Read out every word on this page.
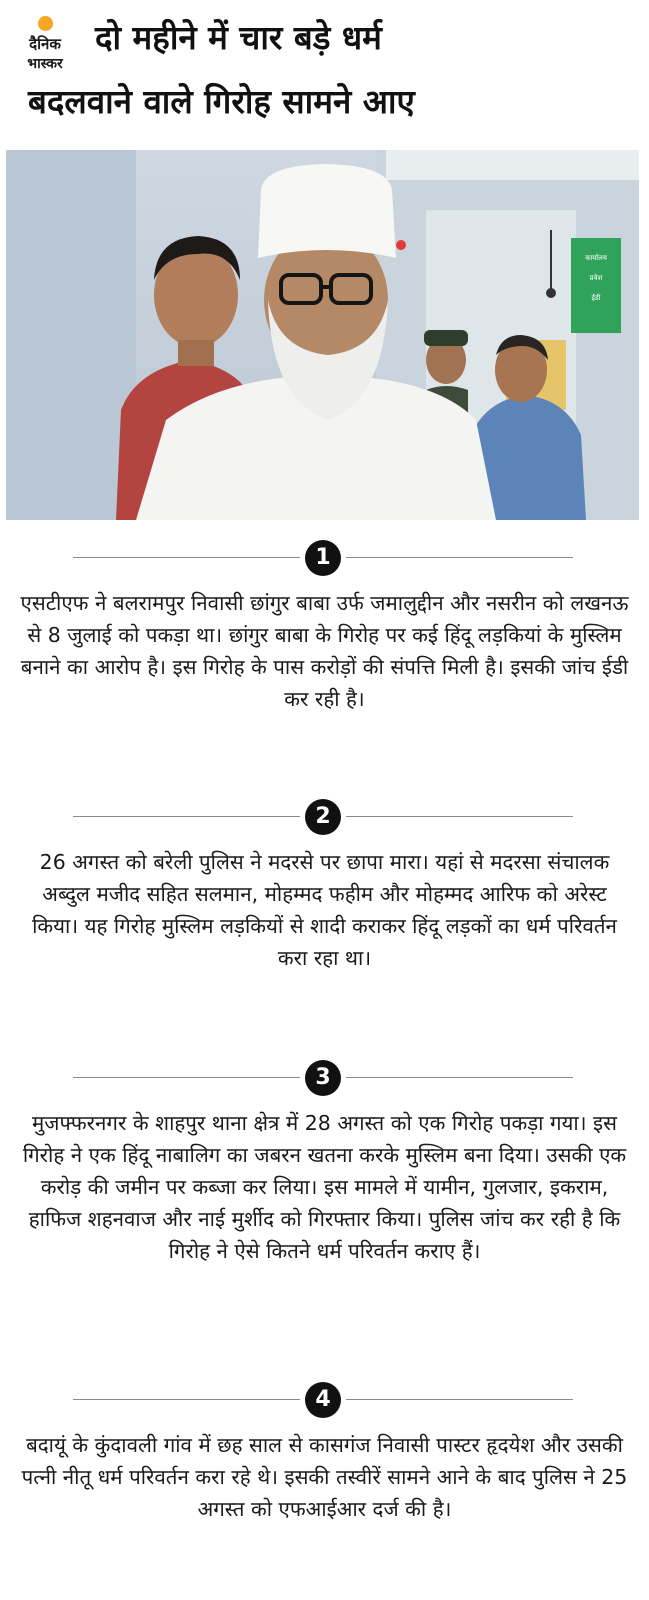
दैनिक
भास्कर
दो महीने में चार बड़े धर्म
बदलवाने वाले गिरोह सामने आए
कार्यालय
प्रवेश
ईडी
1

एसटीएफ ने बलरामपुर निवासी छांगुर बाबा उर्फ जमालुद्दीन और नसरीन को लखनऊ से 8 जुलाई को पकड़ा था। छांगुर बाबा के गिरोह पर कई हिंदू लड़कियां के मुस्लिम बनाने का आरोप है। इस गिरोह के पास करोड़ों की संपत्ति मिली है। इसकी जांच ईडी कर रही है।

2

26 अगस्त को बरेली पुलिस ने मदरसे पर छापा मारा। यहां से मदरसा संचालक अब्दुल मजीद सहित सलमान, मोहम्मद फहीम और मोहम्मद आरिफ को अरेस्ट किया। यह गिरोह मुस्लिम लड़कियों से शादी कराकर हिंदू लड़कों का धर्म परिवर्तन करा रहा था।

3

मुजफ्फरनगर के शाहपुर थाना क्षेत्र में 28 अगस्त को एक गिरोह पकड़ा गया। इस गिरोह ने एक हिंदू नाबालिग का जबरन खतना करके मुस्लिम बना दिया। उसकी एक करोड़ की जमीन पर कब्जा कर लिया। इस मामले में यामीन, गुलजार, इकराम, हाफिज शहनवाज और नाई मुर्शीद को गिरफ्तार किया। पुलिस जांच कर रही है कि गिरोह ने ऐसे कितने धर्म परिवर्तन कराए हैं।

4

बदायूं के कुंदावली गांव में छह साल से कासगंज निवासी पास्टर हृदयेश और उसकी पत्नी नीतू धर्म परिवर्तन करा रहे थे। इसकी तस्वीरें सामने आने के बाद पुलिस ने 25 अगस्त को एफआईआर दर्ज की है।
